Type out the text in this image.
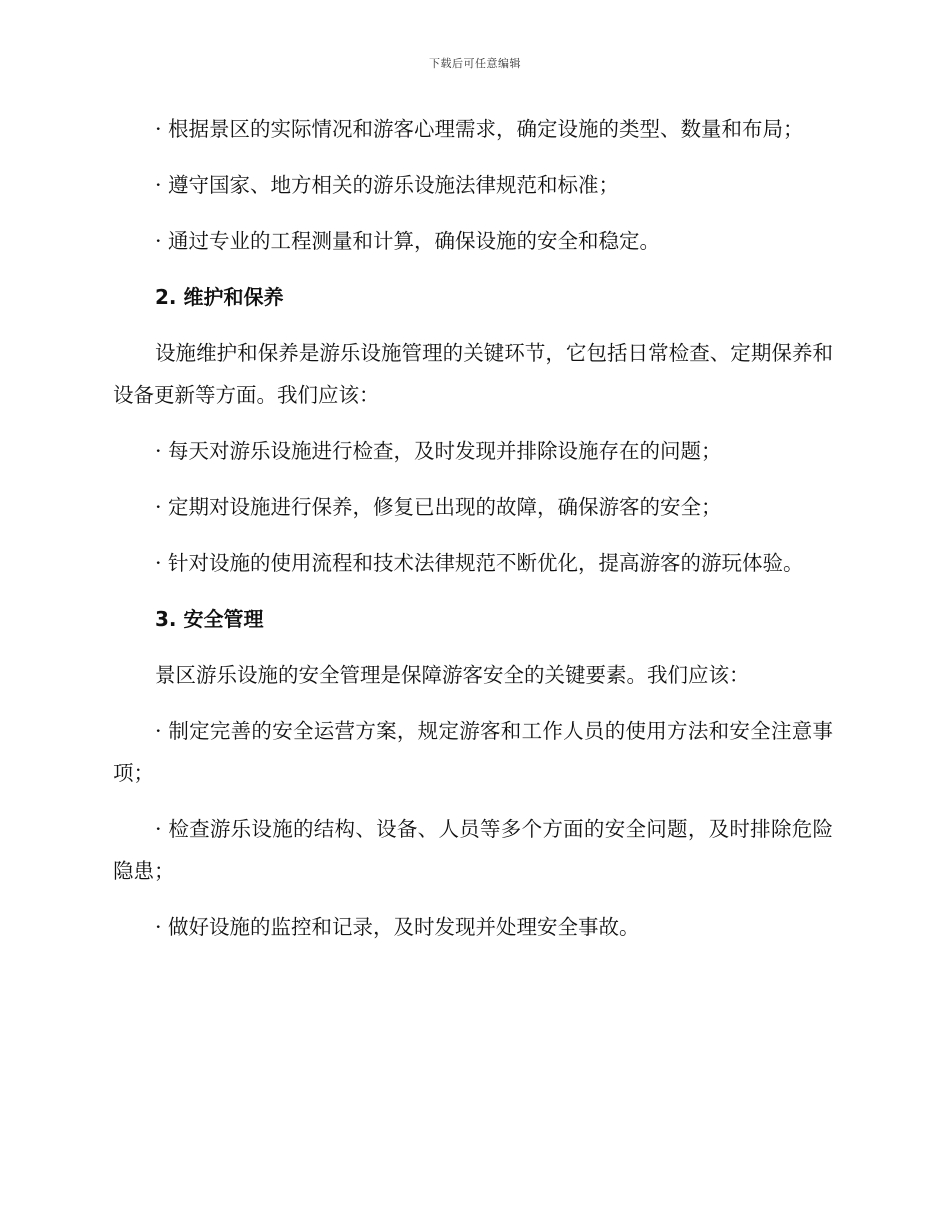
下载后可任意编辑

· 根据景区的实际情况和游客心理需求，确定设施的类型、数量和布局；

· 遵守国家、地方相关的游乐设施法律规范和标准；

· 通过专业的工程测量和计算，确保设施的安全和稳定。

2. 维护和保养

设施维护和保养是游乐设施管理的关键环节，它包括日常检查、定期保养和设备更新等方面。我们应该：

· 每天对游乐设施进行检查，及时发现并排除设施存在的问题；

· 定期对设施进行保养，修复已出现的故障，确保游客的安全；

· 针对设施的使用流程和技术法律规范不断优化，提高游客的游玩体验。

3. 安全管理

景区游乐设施的安全管理是保障游客安全的关键要素。我们应该：

· 制定完善的安全运营方案，规定游客和工作人员的使用方法和安全注意事项；

· 检查游乐设施的结构、设备、人员等多个方面的安全问题，及时排除危险隐患；

· 做好设施的监控和记录，及时发现并处理安全事故。
